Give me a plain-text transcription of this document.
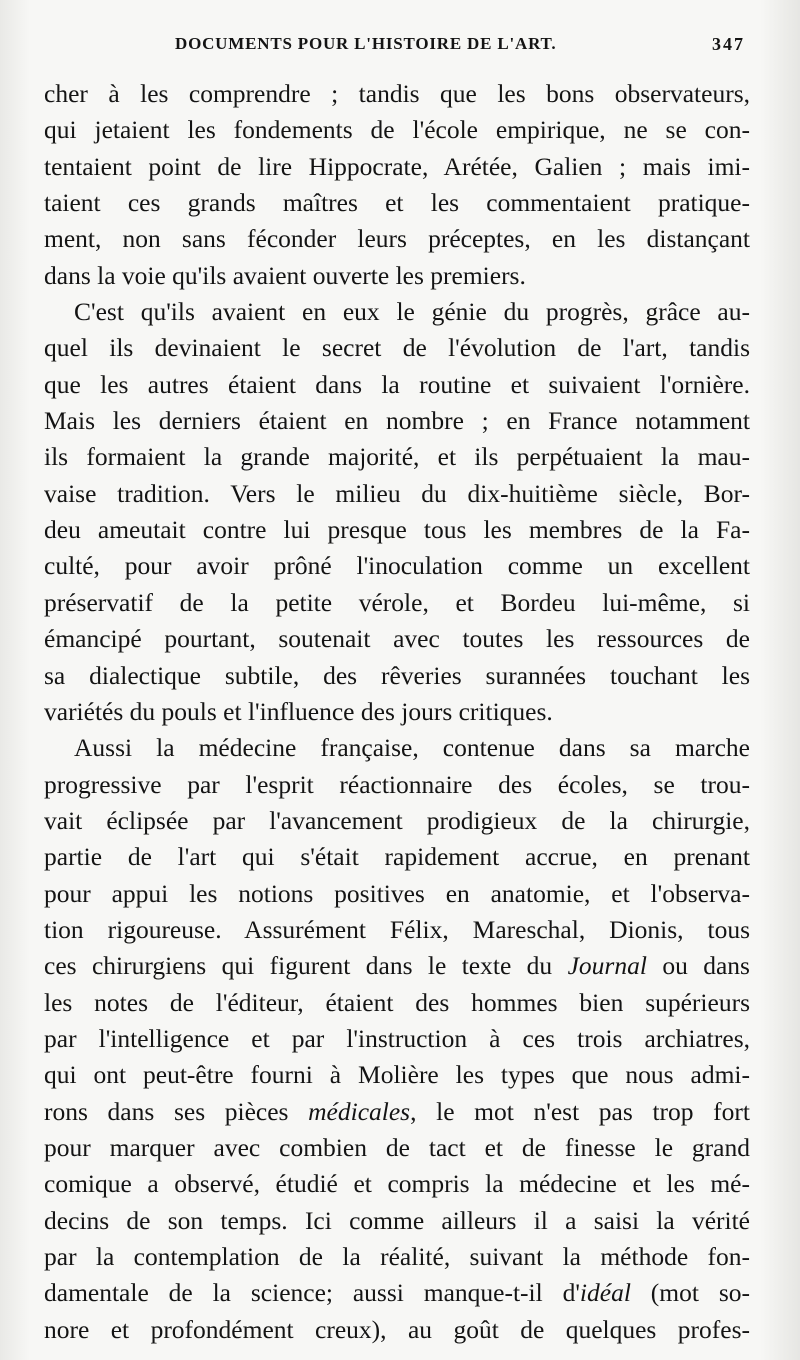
DOCUMENTS POUR L'HISTOIRE DE L'ART.	347
cher à les comprendre ; tandis que les bons observateurs,
qui jetaient les fondements de l'école empirique, ne se con-
tentaient point de lire Hippocrate, Arétée, Galien ; mais imi-
taient ces grands maîtres et les commentaient pratique-
ment, non sans féconder leurs préceptes, en les distançant
dans la voie qu'ils avaient ouverte les premiers.
C'est qu'ils avaient en eux le génie du progrès, grâce au-
quel ils devinaient le secret de l'évolution de l'art, tandis
que les autres étaient dans la routine et suivaient l'ornière.
Mais les derniers étaient en nombre ; en France notamment
ils formaient la grande majorité, et ils perpétuaient la mau-
vaise tradition. Vers le milieu du dix-huitième siècle, Bor-
deu ameutait contre lui presque tous les membres de la Fa-
culté, pour avoir prôné l'inoculation comme un excellent
préservatif de la petite vérole, et Bordeu lui-même, si
émancipé pourtant, soutenait avec toutes les ressources de
sa dialectique subtile, des rêveries surannées touchant les
variétés du pouls et l'influence des jours critiques.
Aussi la médecine française, contenue dans sa marche
progressive par l'esprit réactionnaire des écoles, se trou-
vait éclipsée par l'avancement prodigieux de la chirurgie,
partie de l'art qui s'était rapidement accrue, en prenant
pour appui les notions positives en anatomie, et l'observa-
tion rigoureuse. Assurément Félix, Mareschal, Dionis, tous
ces chirurgiens qui figurent dans le texte du Journal ou dans
les notes de l'éditeur, étaient des hommes bien supérieurs
par l'intelligence et par l'instruction à ces trois archiatres,
qui ont peut-être fourni à Molière les types que nous admi-
rons dans ses pièces médicales, le mot n'est pas trop fort
pour marquer avec combien de tact et de finesse le grand
comique a observé, étudié et compris la médecine et les mé-
decins de son temps. Ici comme ailleurs il a saisi la vérité
par la contemplation de la réalité, suivant la méthode fon-
damentale de la science; aussi manque-t-il d'idéal (mot so-
nore et profondément creux), au goût de quelques profes-
